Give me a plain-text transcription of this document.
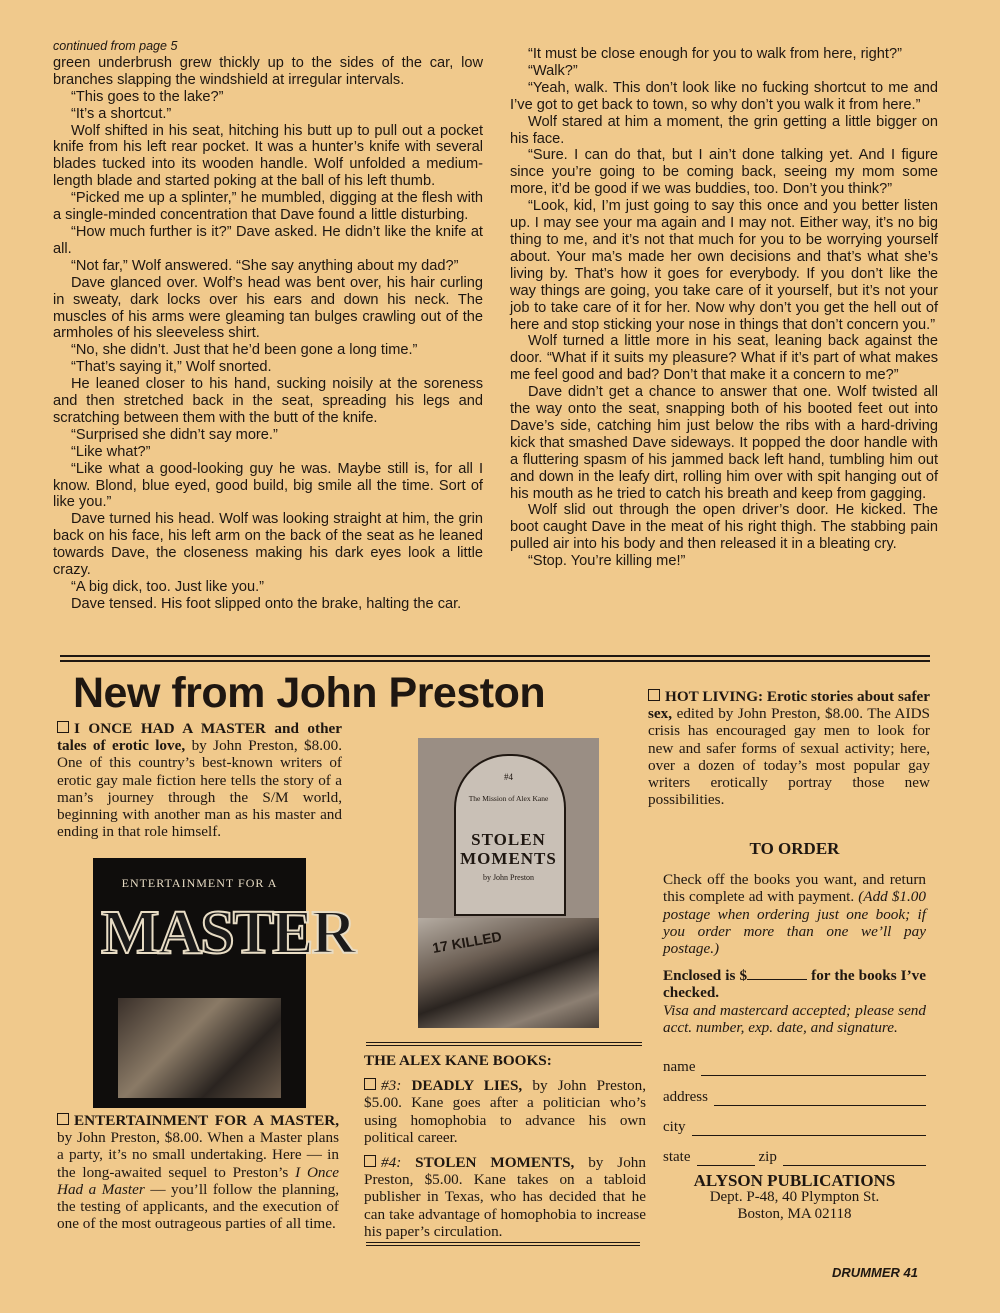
continued from page 5

green underbrush grew thickly up to the sides of the car, low branches slapping the windshield at irregular intervals.

“This goes to the lake?”

“It’s a shortcut.”

Wolf shifted in his seat, hitching his butt up to pull out a pocket knife from his left rear pocket. It was a hunter’s knife with several blades tucked into its wooden handle. Wolf unfolded a medium-length blade and started poking at the ball of his left thumb.

“Picked me up a splinter,” he mumbled, digging at the flesh with a single-minded concentration that Dave found a little disturbing.

“How much further is it?” Dave asked. He didn’t like the knife at all.

“Not far,” Wolf answered. “She say anything about my dad?”

Dave glanced over. Wolf’s head was bent over, his hair curling in sweaty, dark locks over his ears and down his neck. The muscles of his arms were gleaming tan bulges crawling out of the armholes of his sleeveless shirt.

“No, she didn’t. Just that he’d been gone a long time.”

“That’s saying it,” Wolf snorted.

He leaned closer to his hand, sucking noisily at the soreness and then stretched back in the seat, spreading his legs and scratching between them with the butt of the knife.

“Surprised she didn’t say more.”

“Like what?”

“Like what a good-looking guy he was. Maybe still is, for all I know. Blond, blue eyed, good build, big smile all the time. Sort of like you.”

Dave turned his head. Wolf was looking straight at him, the grin back on his face, his left arm on the back of the seat as he leaned towards Dave, the closeness making his dark eyes look a little crazy.

“A big dick, too. Just like you.”

Dave tensed. His foot slipped onto the brake, halting the car.

“It must be close enough for you to walk from here, right?”

“Walk?”

“Yeah, walk. This don’t look like no fucking shortcut to me and I’ve got to get back to town, so why don’t you walk it from here.”

Wolf stared at him a moment, the grin getting a little bigger on his face.

“Sure. I can do that, but I ain’t done talking yet. And I figure since you’re going to be coming back, seeing my mom some more, it’d be good if we was buddies, too. Don’t you think?”

“Look, kid, I’m just going to say this once and you better listen up. I may see your ma again and I may not. Either way, it’s no big thing to me, and it’s not that much for you to be worrying yourself about. Your ma’s made her own decisions and that’s what she’s living by. That’s how it goes for everybody. If you don’t like the way things are going, you take care of it yourself, but it’s not your job to take care of it for her. Now why don’t you get the hell out of here and stop sticking your nose in things that don’t concern you.”

Wolf turned a little more in his seat, leaning back against the door. “What if it suits my pleasure? What if it’s part of what makes me feel good and bad? Don’t that make it a concern to me?”

Dave didn’t get a chance to answer that one. Wolf twisted all the way onto the seat, snapping both of his booted feet out into Dave’s side, catching him just below the ribs with a hard-driving kick that smashed Dave sideways. It popped the door handle with a fluttering spasm of his jammed back left hand, tumbling him out and down in the leafy dirt, rolling him over with spit hanging out of his mouth as he tried to catch his breath and keep from gagging.

Wolf slid out through the open driver’s door. He kicked. The boot caught Dave in the meat of his right thigh. The stabbing pain pulled air into his body and then released it in a bleating cry.

“Stop. You’re killing me!”

New from John Preston

I ONCE HAD A MASTER and other tales of erotic love, by John Preston, $8.00. One of this country’s best-known writers of erotic gay male fiction here tells the story of a man’s journey through the S/M world, beginning with another man as his master and ending in that role himself.

ENTERTAINMENT FOR A
MASTER

ENTERTAINMENT FOR A MASTER, by John Preston, $8.00. When a Master plans a party, it’s no small undertaking. Here — in the long-awaited sequel to Preston’s I Once Had a Master — you’ll follow the planning, the testing of applicants, and the execution of one of the most outrageous parties of all time.

#4
The Mission of Alex Kane
STOLEN
MOMENTS
by John Preston
17 KILLED
THE ALEX KANE BOOKS:

#3: DEADLY LIES, by John Preston, $5.00. Kane goes after a politician who’s using homophobia to advance his own political career.

#4: STOLEN MOMENTS, by John Preston, $5.00. Kane takes on a tabloid publisher in Texas, who has decided that he can take advantage of homophobia to increase his paper’s circulation.

HOT LIVING: Erotic stories about safer sex, edited by John Preston, $8.00. The AIDS crisis has encouraged gay men to look for new and safer forms of sexual activity; here, over a dozen of today’s most popular gay writers erotically portray those new possibilities.

TO ORDER

Check off the books you want, and return this complete ad with payment. (Add $1.00 postage when ordering just one book; if you order more than one we’ll pay postage.)

Enclosed is $	for the books I’ve checked.
Visa and mastercard accepted; please send acct. number, exp. date, and signature.

name
address
city
state	zip
ALYSON PUBLICATIONS
Dept. P-48, 40 Plympton St.
Boston, MA 02118
DRUMMER 41
